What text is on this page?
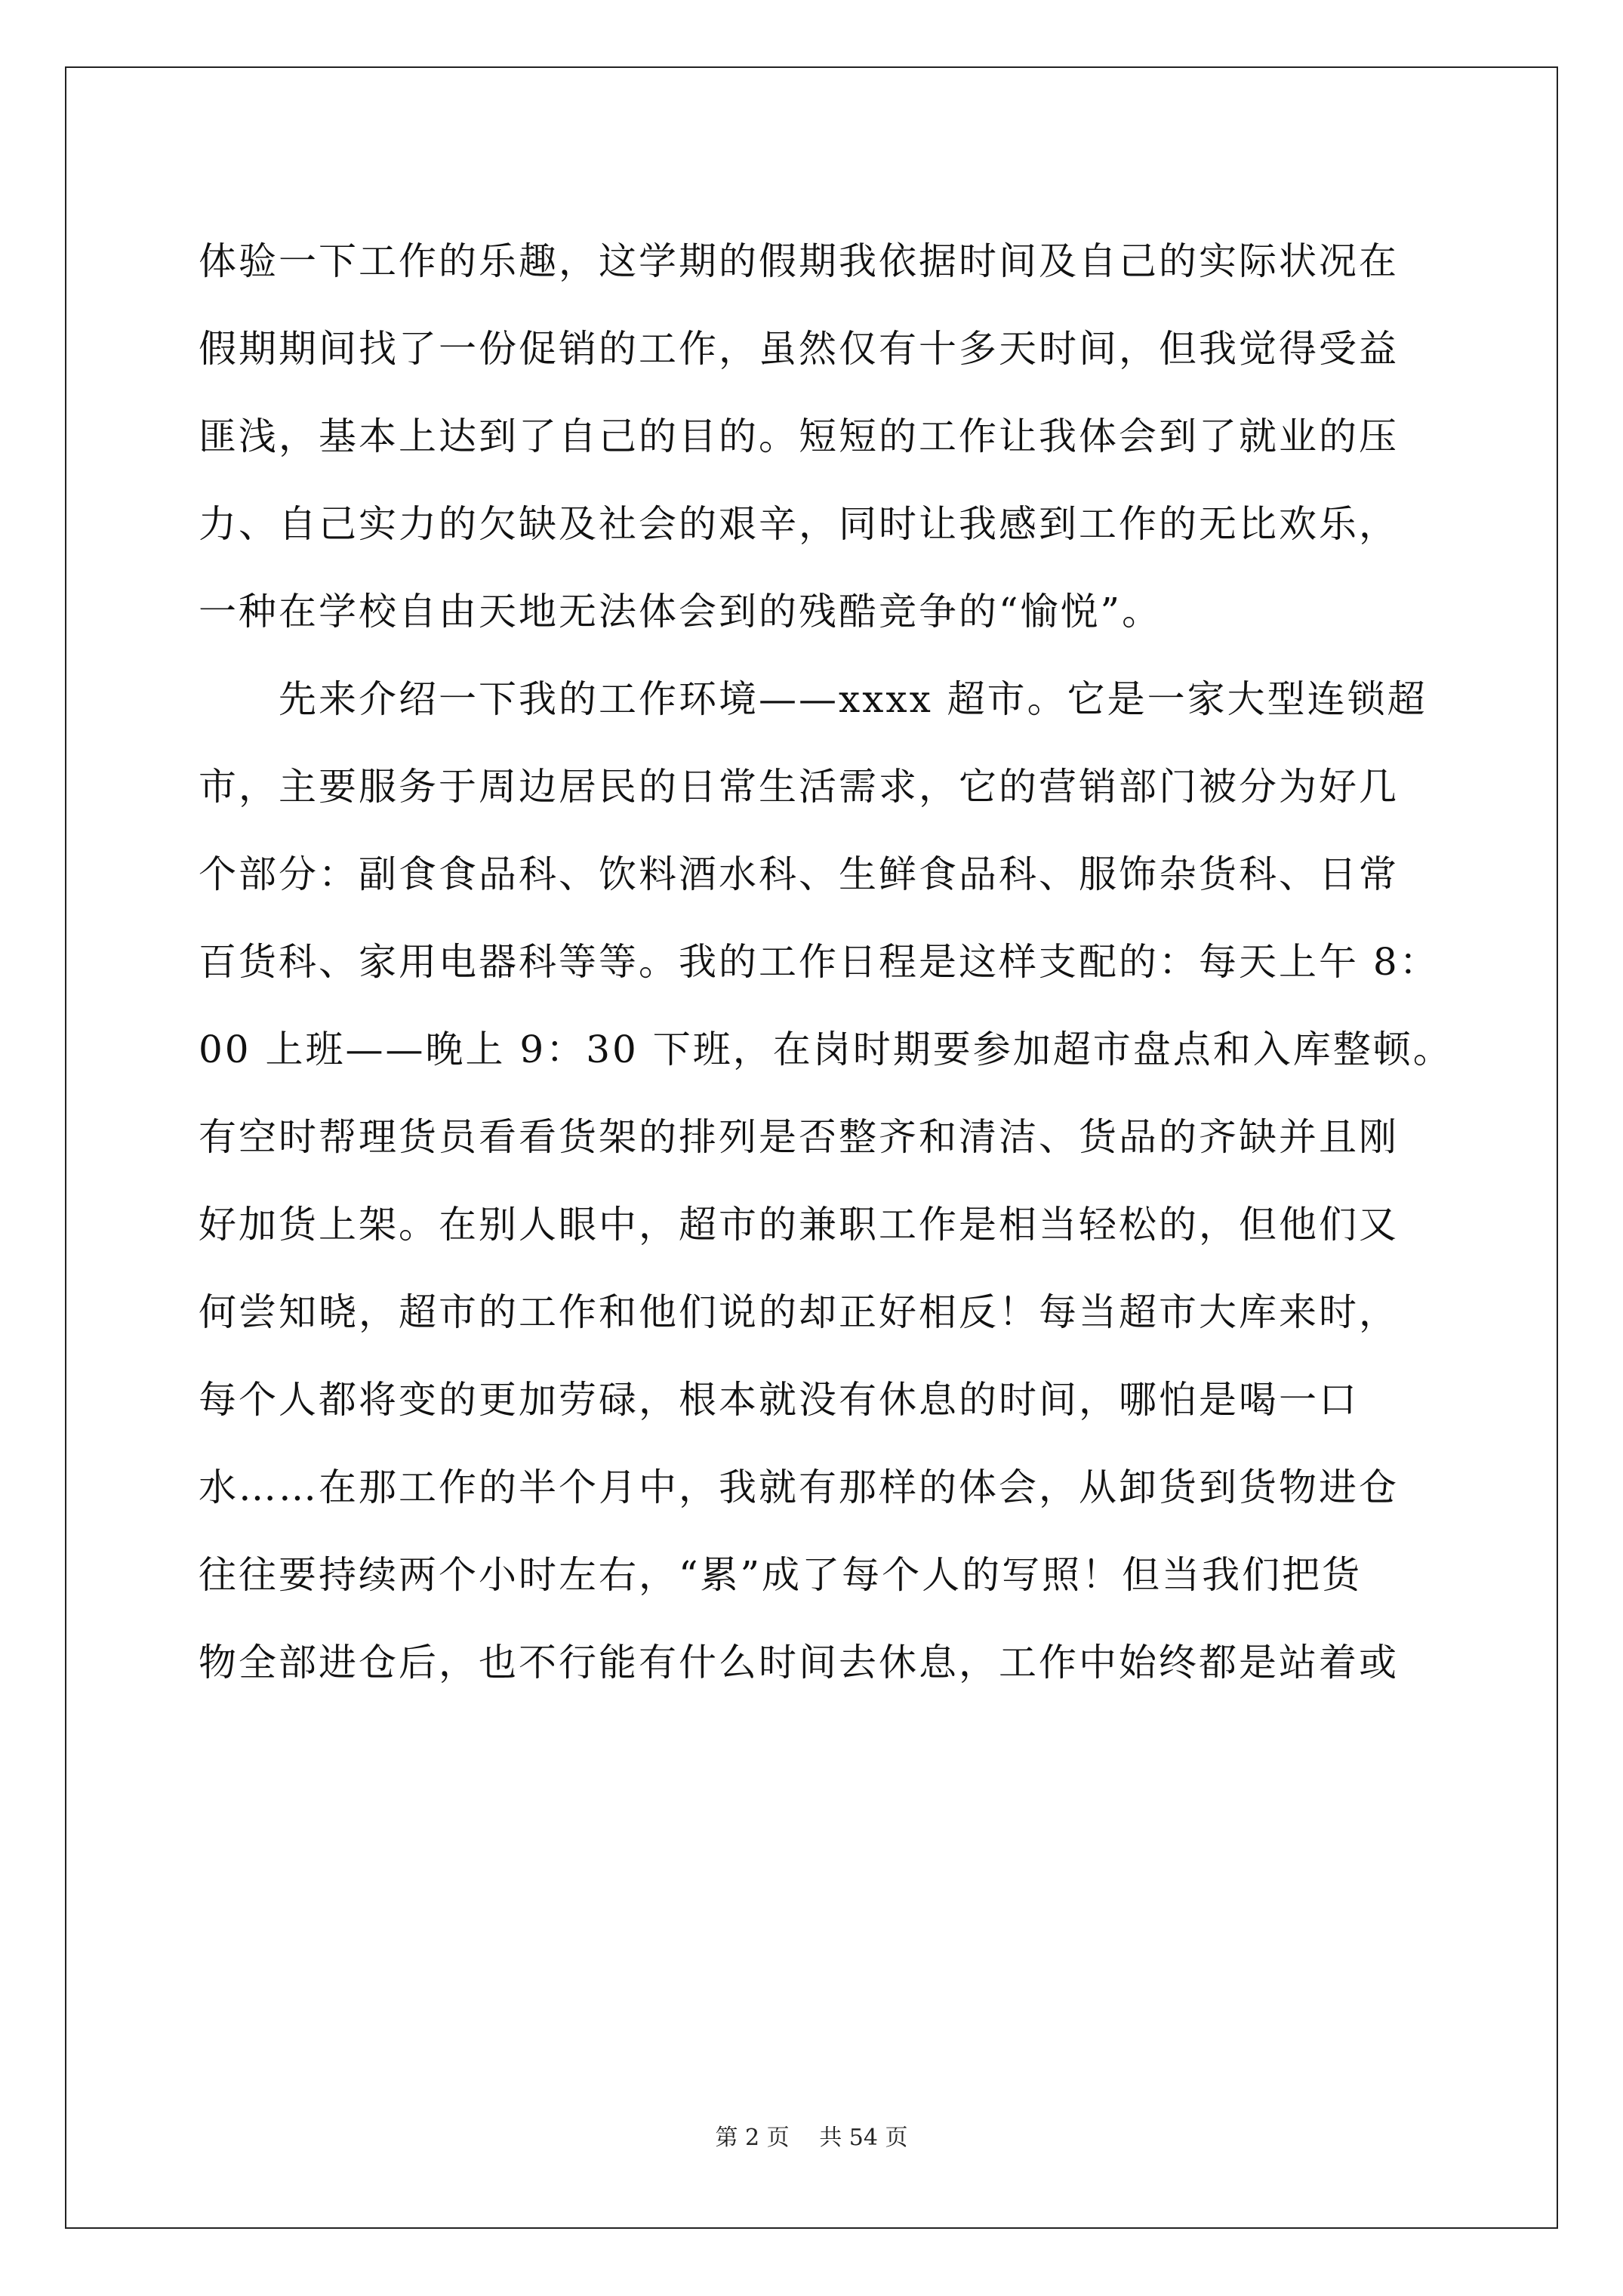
体验一下工作的乐趣，这学期的假期我依据时间及自己的实际状况在
假期期间找了一份促销的工作，虽然仅有十多天时间，但我觉得受益
匪浅，基本上达到了自己的目的。短短的工作让我体会到了就业的压
力、自己实力的欠缺及社会的艰辛，同时让我感到工作的无比欢乐，
一种在学校自由天地无法体会到的残酷竞争的“愉悦”。
　　先来介绍一下我的工作环境——xxxx 超市。它是一家大型连锁超
市，主要服务于周边居民的日常生活需求，它的营销部门被分为好几
个部分：副食食品科、饮料酒水科、生鲜食品科、服饰杂货科、日常
百货科、家用电器科等等。我的工作日程是这样支配的：每天上午 8：
00 上班——晚上 9：30 下班，在岗时期要参加超市盘点和入库整顿。
有空时帮理货员看看货架的排列是否整齐和清洁、货品的齐缺并且刚
好加货上架。在别人眼中，超市的兼职工作是相当轻松的，但他们又
何尝知晓，超市的工作和他们说的却正好相反！每当超市大库来时，
每个人都将变的更加劳碌，根本就没有休息的时间，哪怕是喝一口
水……在那工作的半个月中，我就有那样的体会，从卸货到货物进仓
往往要持续两个小时左右，“累”成了每个人的写照！但当我们把货
物全部进仓后，也不行能有什么时间去休息，工作中始终都是站着或
第 2 页　 共 54 页
